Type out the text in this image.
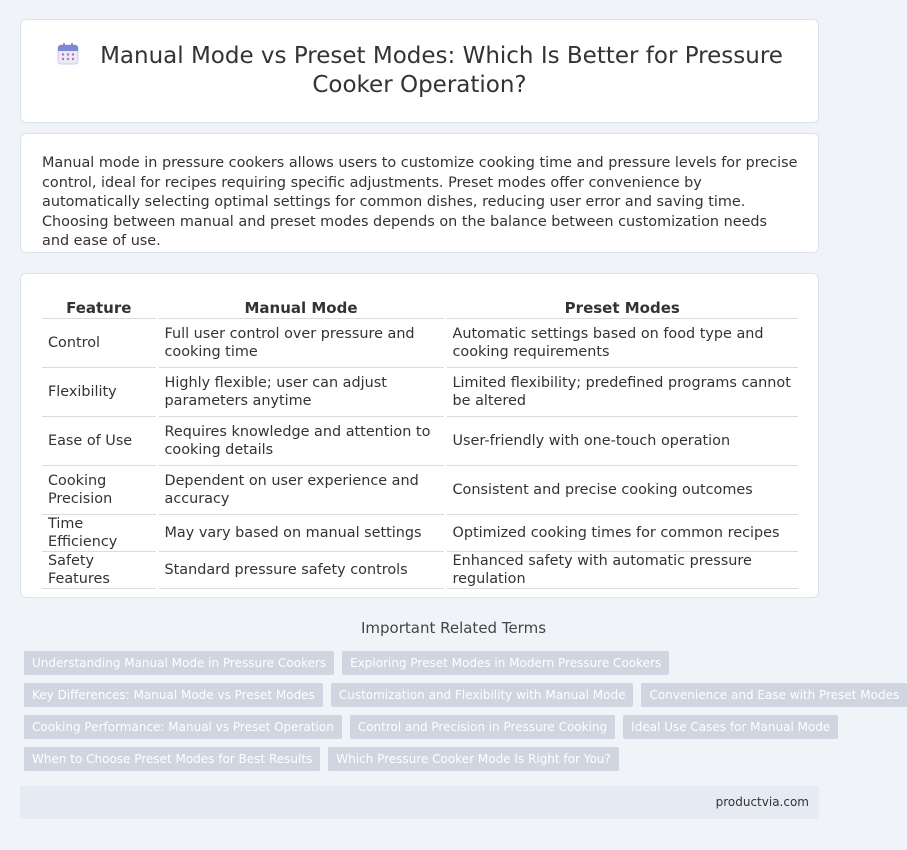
Manual Mode vs Preset Modes: Which Is Better for Pressure
Cooker Operation?

Manual mode in pressure cookers allows users to customize cooking time and pressure levels for precise control, ideal for recipes requiring specific adjustments. Preset modes offer convenience by automatically selecting optimal settings for common dishes, reducing user error and saving time. Choosing between manual and preset modes depends on the balance between customization needs and ease of use.

Feature	Manual Mode	Preset Modes
Control	Full user control over pressure and cooking time	Automatic settings based on food type and cooking requirements
Flexibility	Highly flexible; user can adjust parameters anytime	Limited flexibility; predefined programs cannot be altered
Ease of Use	Requires knowledge and attention to cooking details	User-friendly with one-touch operation
Cooking Precision	Dependent on user experience and accuracy	Consistent and precise cooking outcomes
Time Efficiency	May vary based on manual settings	Optimized cooking times for common recipes
Safety Features	Standard pressure safety controls	Enhanced safety with automatic pressure regulation
Important Related Terms
Understanding Manual Mode in Pressure Cookers	Exploring Preset Modes in Modern Pressure Cookers
Key Differences: Manual Mode vs Preset Modes	Customization and Flexibility with Manual Mode	Convenience and Ease with Preset Modes
Cooking Performance: Manual vs Preset Operation	Control and Precision in Pressure Cooking	Ideal Use Cases for Manual Mode
When to Choose Preset Modes for Best Results	Which Pressure Cooker Mode Is Right for You?
productvia.com
